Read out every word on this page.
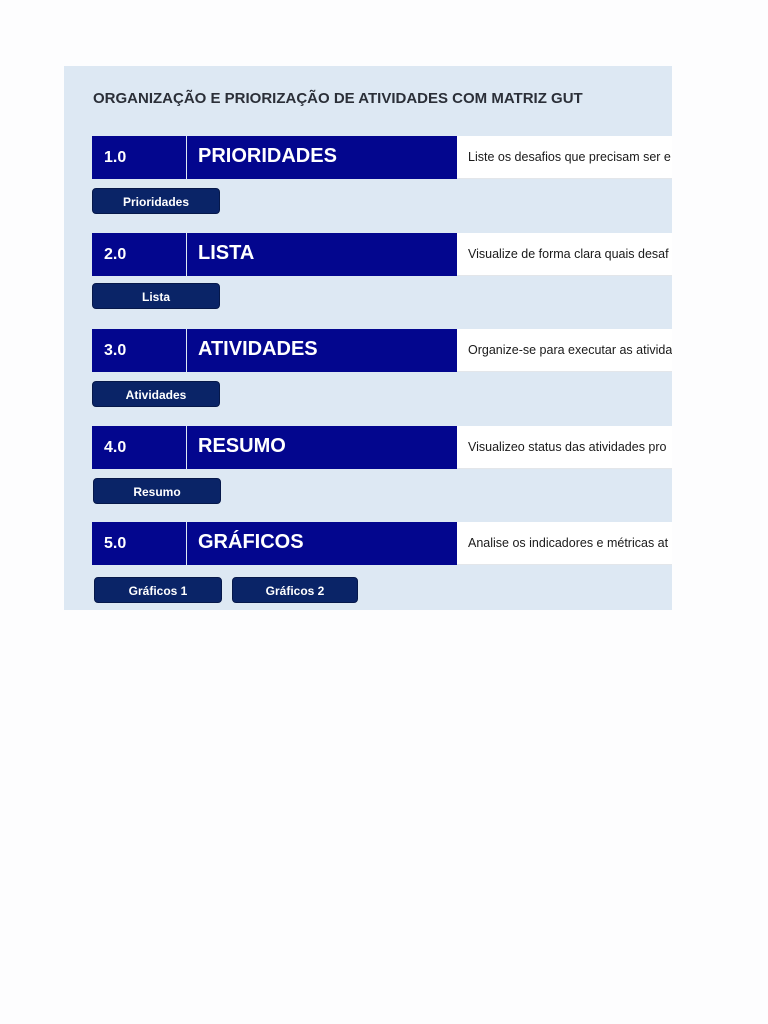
ORGANIZAÇÃO E PRIORIZAÇÃO DE ATIVIDADES COM MATRIZ GUT
1.0	PRIORIDADES	Liste os desafios que precisam ser e
Prioridades
2.0	LISTA	Visualize de forma clara quais desaf
Lista
3.0	ATIVIDADES	Organize-se para executar as ativida
Atividades
4.0	RESUMO	Visualizeo status das atividades pro
Resumo
5.0	GRÁFICOS	Analise os indicadores e métricas at
Gráficos 1	Gráficos 2
